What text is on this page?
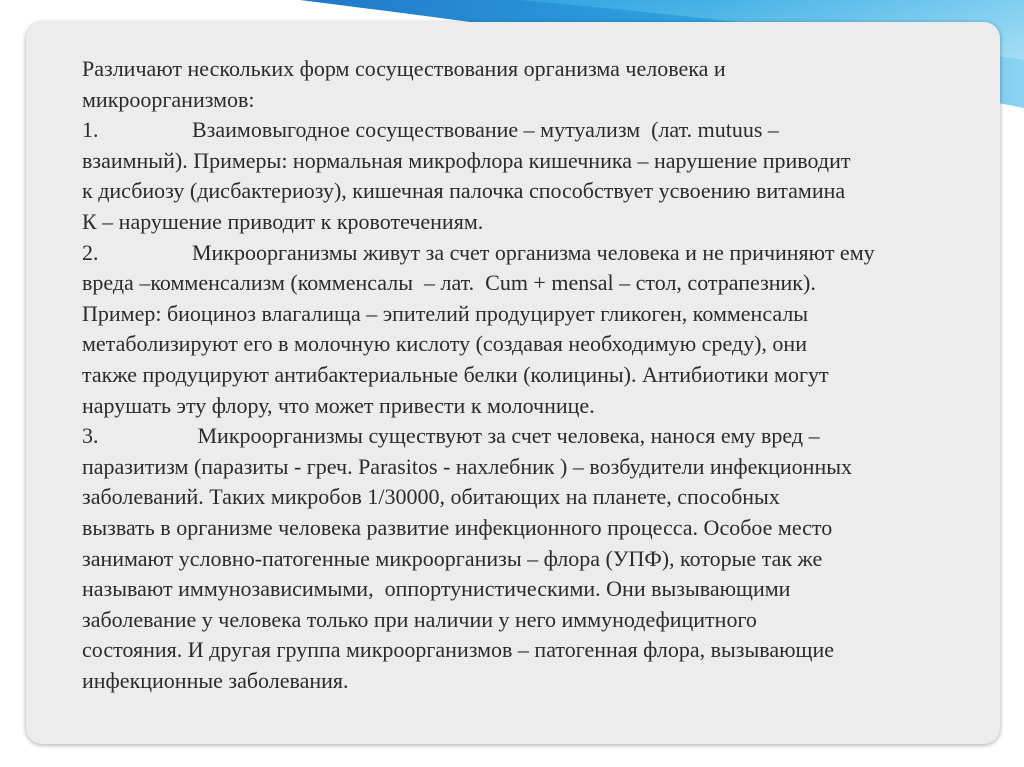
Различают нескольких форм сосуществования организма человека и
микроорганизмов:
1.                 Взаимовыгодное сосуществование – мутуализм  (лат. mutuus –
взаимный). Примеры: нормальная микрофлора кишечника – нарушение приводит
к дисбиозу (дисбактериозу), кишечная палочка способствует усвоению витамина
К – нарушение приводит к кровотечениям.
2.                 Микроорганизмы живут за счет организма человека и не причиняют ему
вреда –комменсализм (комменсалы  – лат.  Cum + mensal – стол, сотрапезник).
Пример: биоциноз влагалища – эпителий продуцирует гликоген, комменсалы
метаболизируют его в молочную кислоту (создавая необходимую среду), они
также продуцируют антибактериальные белки (колицины). Антибиотики могут
нарушать эту флору, что может привести к молочнице.
3.                  Микроорганизмы существуют за счет человека, нанося ему вред –
паразитизм (паразиты - греч. Parasitos - нахлебник ) – возбудители инфекционных
заболеваний. Таких микробов 1/30000, обитающих на планете, способных
вызвать в организме человека развитие инфекционного процесса. Особое место
занимают условно-патогенные микроорганизы – флора (УПФ), которые так же
называют иммунозависимыми,  оппортунистическими. Они вызывающими
заболевание у человека только при наличии у него иммунодефицитного
состояния. И другая группа микроорганизмов – патогенная флора, вызывающие
инфекционные заболевания.
